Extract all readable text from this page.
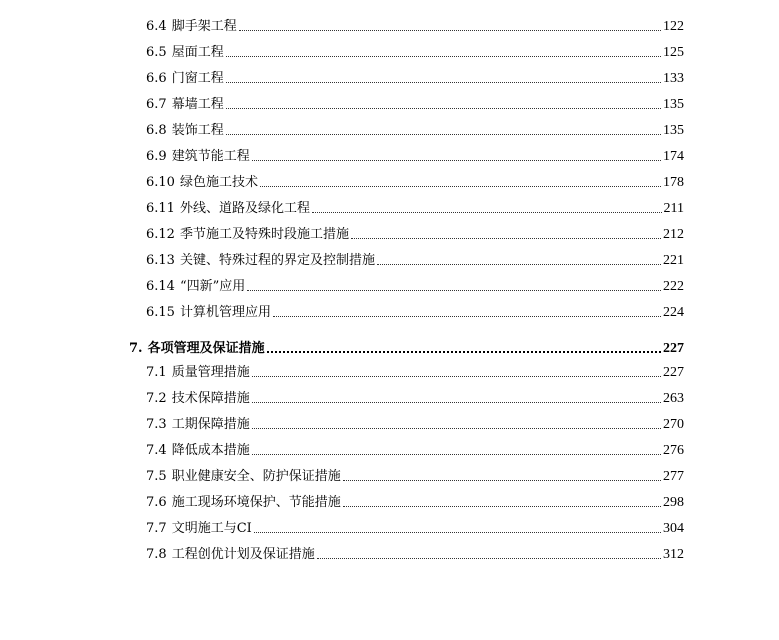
6.4 脚手架工程	122
6.5 屋面工程	125
6.6 门窗工程	133
6.7 幕墙工程	135
6.8 装饰工程	135
6.9 建筑节能工程	174
6.10 绿色施工技术	178
6.11 外线、道路及绿化工程	211
6.12 季节施工及特殊时段施工措施	212
6.13 关键、特殊过程的界定及控制措施	221
6.14 “四新”应用	222
6.15 计算机管理应用	224
7. 各项管理及保证措施	227
7.1 质量管理措施	227
7.2 技术保障措施	263
7.3 工期保障措施	270
7.4 降低成本措施	276
7.5 职业健康安全、防护保证措施	277
7.6 施工现场环境保护、节能措施	298
7.7 文明施工与CI	304
7.8 工程创优计划及保证措施	312
